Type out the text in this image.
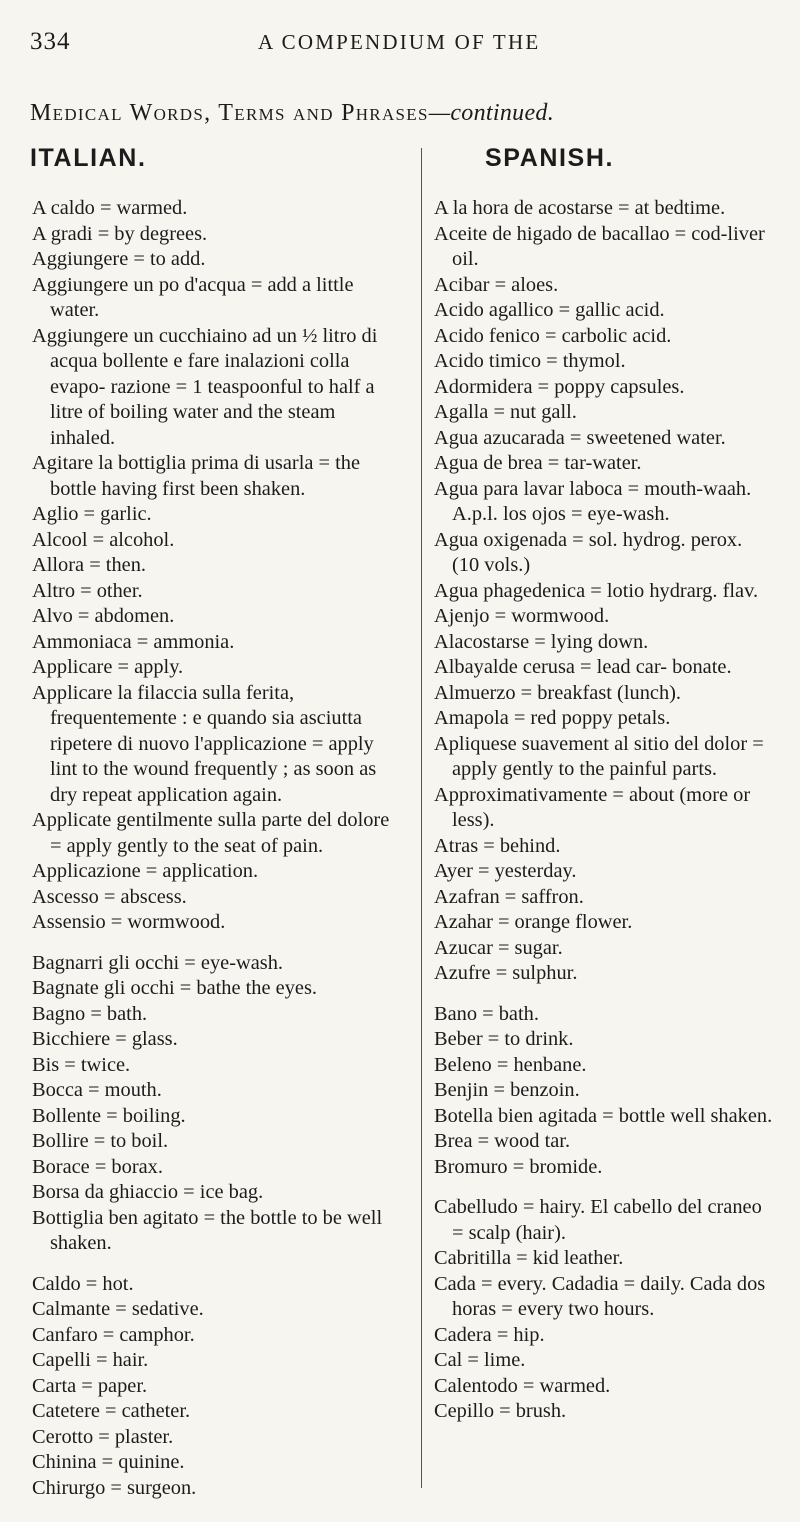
334	A COMPENDIUM OF THE
Medical Words, Terms and Phrases—continued.
ITALIAN.	SPANISH.

A caldo = warmed.

A gradi = by degrees.

Aggiungere = to add.

Aggiungere un po d'acqua = add a little water.

Aggiungere un cucchiaino ad un ½ litro di acqua bollente e fare inalazioni colla evapo- razione = 1 teaspoonful to half a litre of boiling water and the steam inhaled.

Agitare la bottiglia prima di usarla = the bottle having first been shaken.

Aglio = garlic.

Alcool = alcohol.

Allora = then.

Altro = other.

Alvo = abdomen.

Ammoniaca = ammonia.

Applicare = apply.

Applicare la filaccia sulla ferita, frequentemente : e quando sia asciutta ripetere di nuovo l'applicazione = apply lint to the wound frequently ; as soon as dry repeat application again.

Applicate gentilmente sulla parte del dolore = apply gently to the seat of pain.

Applicazione = application.

Ascesso = abscess.

Assensio = wormwood.

Bagnarri gli occhi = eye-wash.

Bagnate gli occhi = bathe the eyes.

Bagno = bath.

Bicchiere = glass.

Bis = twice.

Bocca = mouth.

Bollente = boiling.

Bollire = to boil.

Borace = borax.

Borsa da ghiaccio = ice bag.

Bottiglia ben agitato = the bottle to be well shaken.

Caldo = hot.

Calmante = sedative.

Canfaro = camphor.

Capelli = hair.

Carta = paper.

Catetere = catheter.

Cerotto = plaster.

Chinina = quinine.

Chirurgo = surgeon.

A la hora de acostarse = at bedtime.

Aceite de higado de bacallao = cod-liver oil.

Acibar = aloes.

Acido agallico = gallic acid.

Acido fenico = carbolic acid.

Acido timico = thymol.

Adormidera = poppy capsules.

Agalla = nut gall.

Agua azucarada = sweetened water.

Agua de brea = tar-water.

Agua para lavar laboca = mouth-waah. A.p.l. los ojos = eye-wash.

Agua oxigenada = sol. hydrog. perox. (10 vols.)

Agua phagedenica = lotio hydrarg. flav.

Ajenjo = wormwood.

Alacostarse = lying down.

Albayalde cerusa = lead car- bonate.

Almuerzo = breakfast (lunch).

Amapola = red poppy petals.

Apliquese suavement al sitio del dolor = apply gently to the painful parts.

Approximativamente = about (more or less).

Atras = behind.

Ayer = yesterday.

Azafran = saffron.

Azahar = orange flower.

Azucar = sugar.

Azufre = sulphur.

Bano = bath.

Beber = to drink.

Beleno = henbane.

Benjin = benzoin.

Botella bien agitada = bottle well shaken.

Brea = wood tar.

Bromuro = bromide.

Cabelludo = hairy. El cabello del craneo = scalp (hair).

Cabritilla = kid leather.

Cada = every. Cadadia = daily. Cada dos horas = every two hours.

Cadera = hip.

Cal = lime.

Calentodo = warmed.

Cepillo = brush.
